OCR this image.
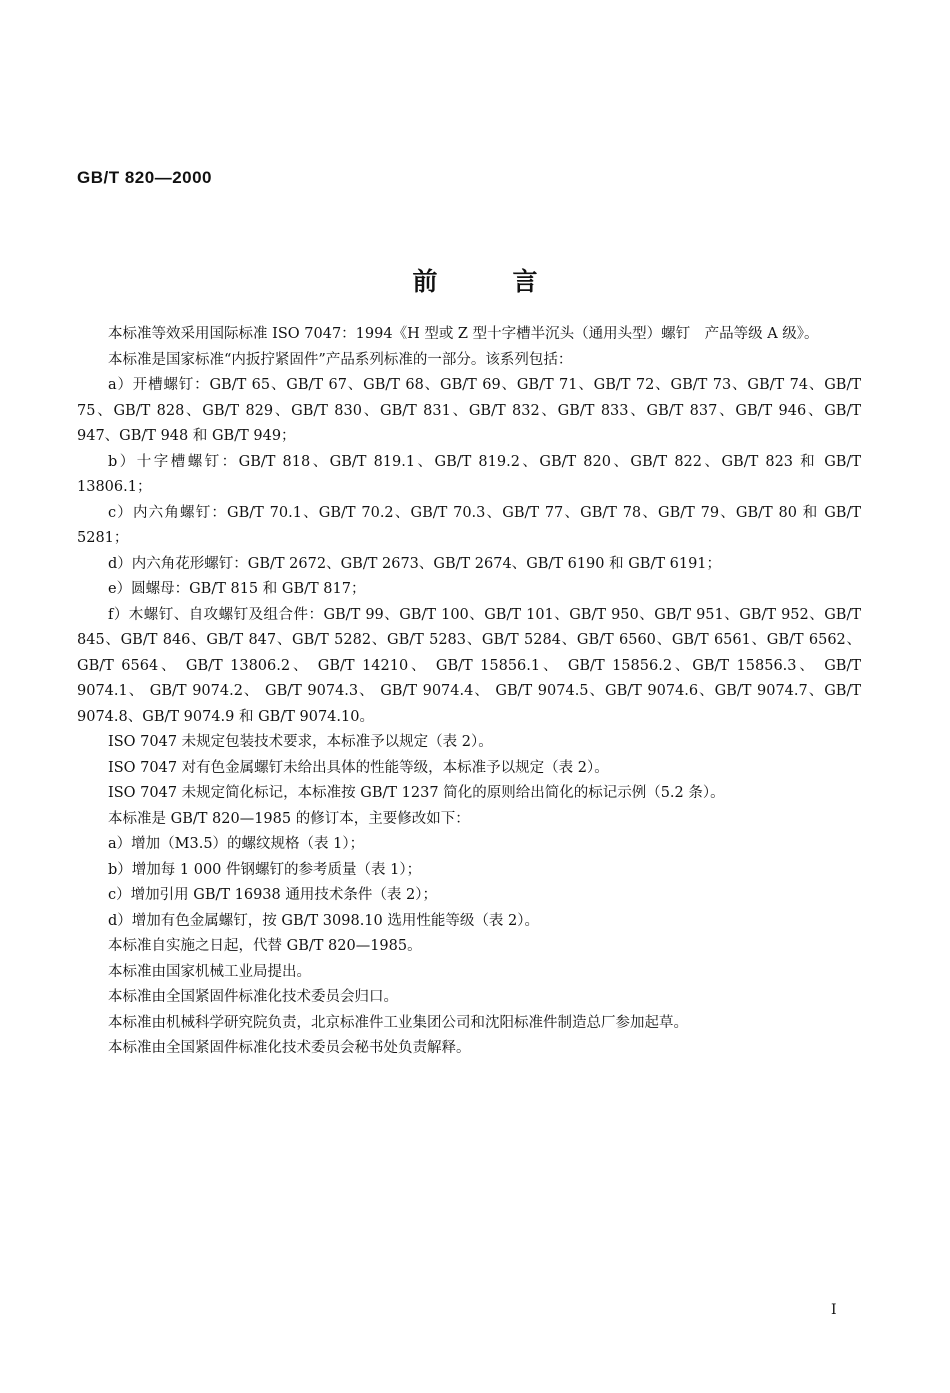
GB/T 820—2000
前	言
本标准等效采用国际标准 ISO 7047：1994《H 型或 Z 型十字槽半沉头（通用头型）螺钉　产品等级 A 级》。
本标准是国家标准“内扳拧紧固件”产品系列标准的一部分。该系列包括：
a）开槽螺钉：GB/T 65、GB/T 67、GB/T 68、GB/T 69、GB/T 71、GB/T 72、GB/T 73、GB/T 74、GB/T 75、GB/T 828、GB/T 829、GB/T 830、GB/T 831、GB/T 832、GB/T 833、GB/T 837、GB/T 946、GB/T 947、GB/T 948 和 GB/T 949；
b）十字槽螺钉：GB/T 818、GB/T 819.1、GB/T 819.2、GB/T 820、GB/T 822、GB/T 823 和 GB/T 13806.1；
c）内六角螺钉：GB/T 70.1、GB/T 70.2、GB/T 70.3、GB/T 77、GB/T 78、GB/T 79、GB/T 80 和 GB/T 5281；
d）内六角花形螺钉：GB/T 2672、GB/T 2673、GB/T 2674、GB/T 6190 和 GB/T 6191；
e）圆螺母：GB/T 815 和 GB/T 817；
f）木螺钉、自攻螺钉及组合件：GB/T 99、GB/T 100、GB/T 101、GB/T 950、GB/T 951、GB/T 952、GB/T 845、GB/T 846、GB/T 847、GB/T 5282、GB/T 5283、GB/T 5284、GB/T 6560、GB/T 6561、GB/T 6562、 GB/T 6564、 GB/T 13806.2、 GB/T 14210、 GB/T 15856.1、 GB/T 15856.2、GB/T 15856.3、 GB/T 9074.1、 GB/T 9074.2、 GB/T 9074.3、 GB/T 9074.4、 GB/T 9074.5、GB/T 9074.6、GB/T 9074.7、GB/T 9074.8、GB/T 9074.9 和 GB/T 9074.10。
ISO 7047 未规定包装技术要求，本标准予以规定（表 2）。
ISO 7047 对有色金属螺钉未给出具体的性能等级，本标准予以规定（表 2）。
ISO 7047 未规定简化标记，本标准按 GB/T 1237 简化的原则给出简化的标记示例（5.2 条）。
本标准是 GB/T 820—1985 的修订本，主要修改如下：
a）增加（M3.5）的螺纹规格（表 1）；
b）增加每 1 000 件钢螺钉的参考质量（表 1）；
c）增加引用 GB/T 16938 通用技术条件（表 2）；
d）增加有色金属螺钉，按 GB/T 3098.10 选用性能等级（表 2）。
本标准自实施之日起，代替 GB/T 820—1985。
本标准由国家机械工业局提出。
本标准由全国紧固件标准化技术委员会归口。
本标准由机械科学研究院负责，北京标准件工业集团公司和沈阳标准件制造总厂参加起草。
本标准由全国紧固件标准化技术委员会秘书处负责解释。
I
